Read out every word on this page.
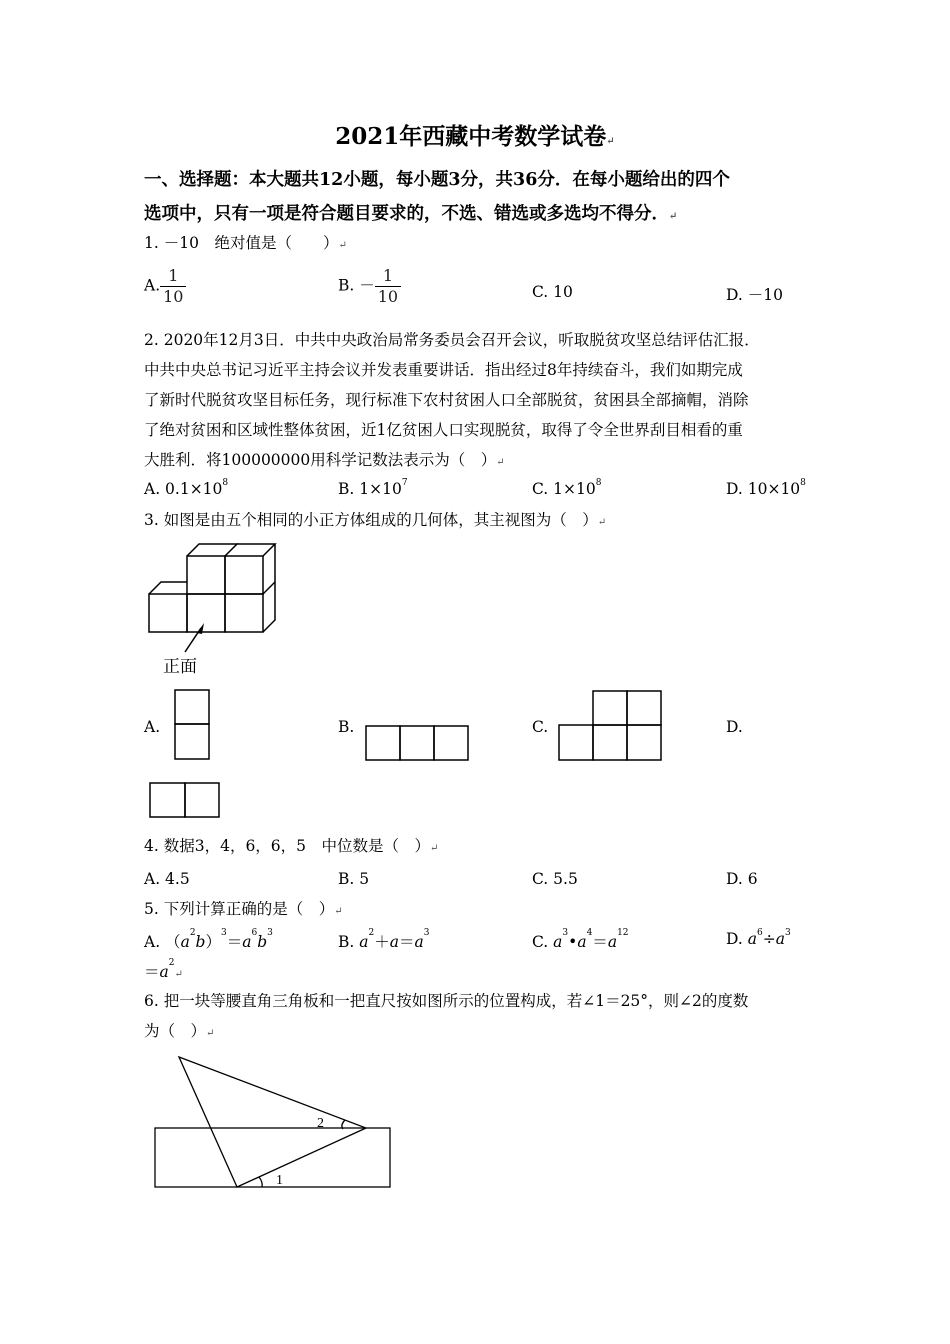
2021年西藏中考数学试卷↵
一、选择题：本大题共12小题，每小题3分，共36分．在每小题给出的四个
选项中，只有一项是符合题目要求的，不选、错选或多选均不得分．↵
1. －10　绝对值是（　　）↵
A. $\frac{1}{10}$	B. － $\frac{1}{10}$	C. 10	D. －10
2. 2020年12月3日．中共中央政治局常务委员会召开会议，听取脱贫攻坚总结评估汇报．
中共中央总书记习近平主持会议并发表重要讲话．指出经过8年持续奋斗，我们如期完成
了新时代脱贫攻坚目标任务，现行标准下农村贫困人口全部脱贫，贫困县全部摘帽，消除
了绝对贫困和区域性整体贫困，近1亿贫困人口实现脱贫，取得了令全世界刮目相看的重
大胜利．将100000000用科学记数法表示为（　）↵
A. $0.1\times 10^8$	B. $1\times 10^7$	C. $1\times 10^8$	D. $10\times 10^8$
3. 如图是由五个相同的小正方体组成的几何体，其主视图为（　）↵
正面
A.	B.	C.	D.
4. 数据3，4，6，6，5　中位数是（　）↵
A. 4.5	B. 5	C. 5.5	D. 6
5. 下列计算正确的是（　）↵
A. $(a^2b)^3=a^6b^3$	B. $a^2+a=a^3$	C. $a^3•a^4=a^{12}$	D. $a^6\div a^3$
$=a^2↵$
6. 把一块等腰直角三角板和一把直尺按如图所示的位置构成，若∠1＝25°，则∠2的度数
为（　）↵
1
2
